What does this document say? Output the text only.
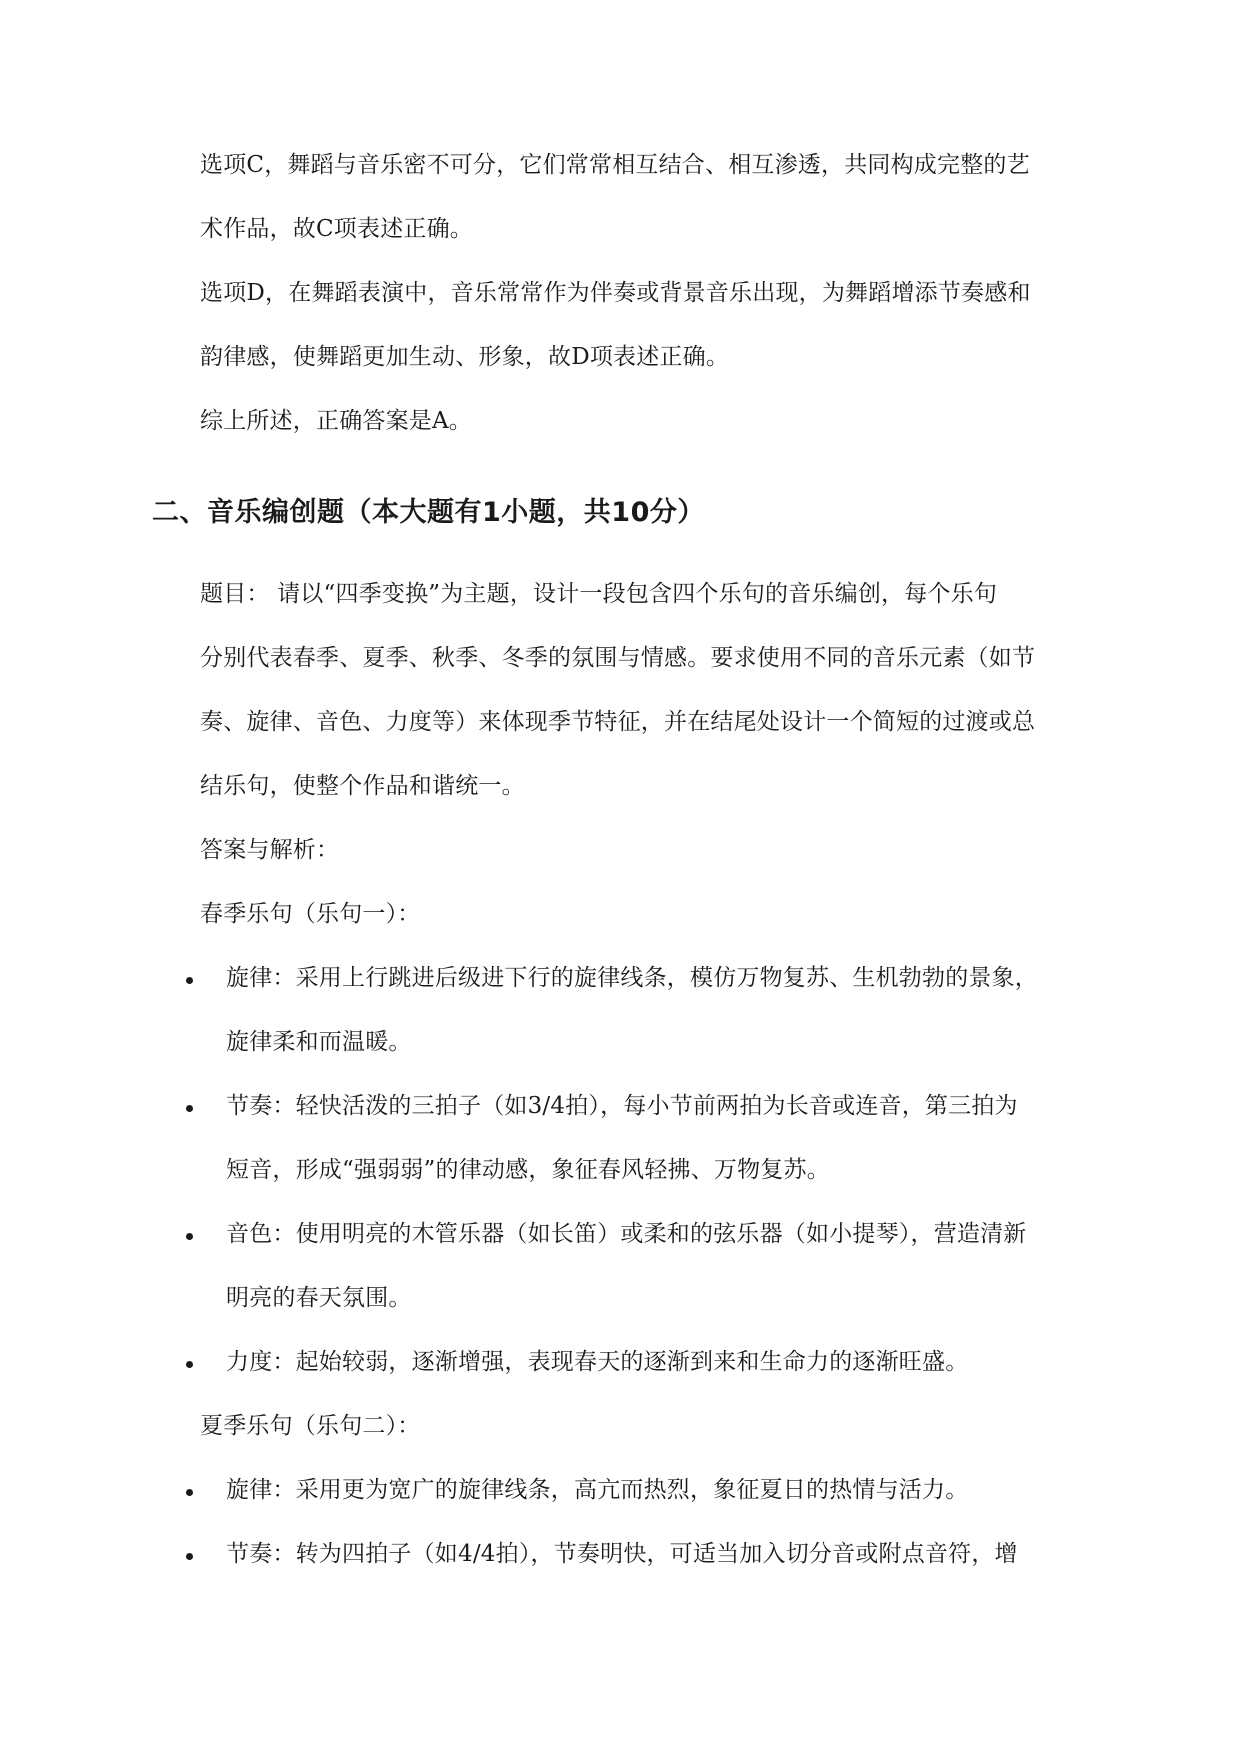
选项C，舞蹈与音乐密不可分，它们常常相互结合、相互渗透，共同构成完整的艺
术作品，故C项表述正确。
选项D，在舞蹈表演中，音乐常常作为伴奏或背景音乐出现，为舞蹈增添节奏感和
韵律感，使舞蹈更加生动、形象，故D项表述正确。
综上所述，正确答案是A。
二、音乐编创题（本大题有1小题，共10分）
题目： 请以“四季变换”为主题，设计一段包含四个乐句的音乐编创，每个乐句
分别代表春季、夏季、秋季、冬季的氛围与情感。要求使用不同的音乐元素（如节
奏、旋律、音色、力度等）来体现季节特征，并在结尾处设计一个简短的过渡或总
结乐句，使整个作品和谐统一。
答案与解析：
春季乐句（乐句一）：
旋律：采用上行跳进后级进下行的旋律线条，模仿万物复苏、生机勃勃的景象，
旋律柔和而温暖。
节奏：轻快活泼的三拍子（如3/4拍），每小节前两拍为长音或连音，第三拍为
短音，形成“强弱弱”的律动感，象征春风轻拂、万物复苏。
音色：使用明亮的木管乐器（如长笛）或柔和的弦乐器（如小提琴），营造清新
明亮的春天氛围。
力度：起始较弱，逐渐增强，表现春天的逐渐到来和生命力的逐渐旺盛。
夏季乐句（乐句二）：
旋律：采用更为宽广的旋律线条，高亢而热烈，象征夏日的热情与活力。
节奏：转为四拍子（如4/4拍），节奏明快，可适当加入切分音或附点音符，增
